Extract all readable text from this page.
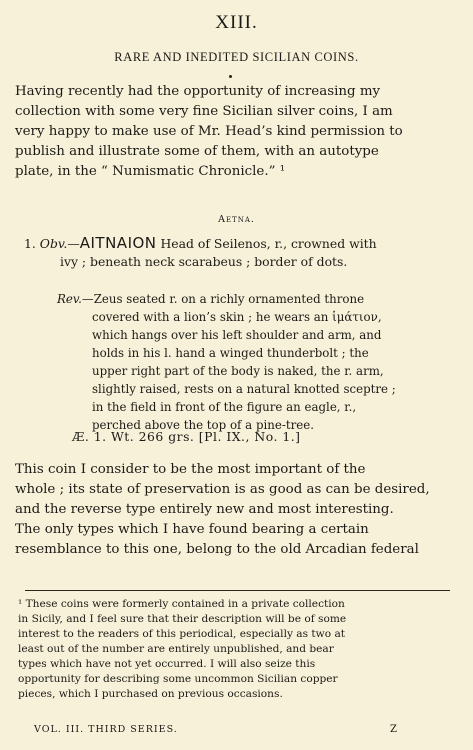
XIII.
RARE AND INEDITED SICILIAN COINS.
Having recently had the opportunity of increasing my
collection with some very fine Sicilian silver coins, I am
very happy to make use of Mr. Head’s kind permission to
publish and illustrate some of them, with an autotype
plate, in the “ Numismatic Chronicle.” ¹
Aetna.
1. Obv.—ΑΙΤΝΑΙΟΝ Head of Seilenos, r., crowned with
ivy ; beneath neck scarabeus ; border of dots.
Rev.—Zeus seated r. on a richly ornamented throne
covered with a lion’s skin ; he wears an ἱμάτιον,
which hangs over his left shoulder and arm, and
holds in his l. hand a winged thunderbolt ; the
upper right part of the body is naked, the r. arm,
slightly raised, rests on a natural knotted sceptre ;
in the field in front of the figure an eagle, r.,
perched above the top of a pine-tree.
Æ. 1. Wt. 266 grs. [Pl. IX., No. 1.]
This coin I consider to be the most important of the
whole ; its state of preservation is as good as can be desired,
and the reverse type entirely new and most interesting.
The only types which I have found bearing a certain
resemblance to this one, belong to the old Arcadian federal
¹ These coins were formerly contained in a private collection
in Sicily, and I feel sure that their description will be of some
interest to the readers of this periodical, especially as two at
least out of the number are entirely unpublished, and bear
types which have not yet occurred. I will also seize this
opportunity for describing some uncommon Sicilian copper
pieces, which I purchased on previous occasions.
VOL. III. THIRD SERIES.	Z
